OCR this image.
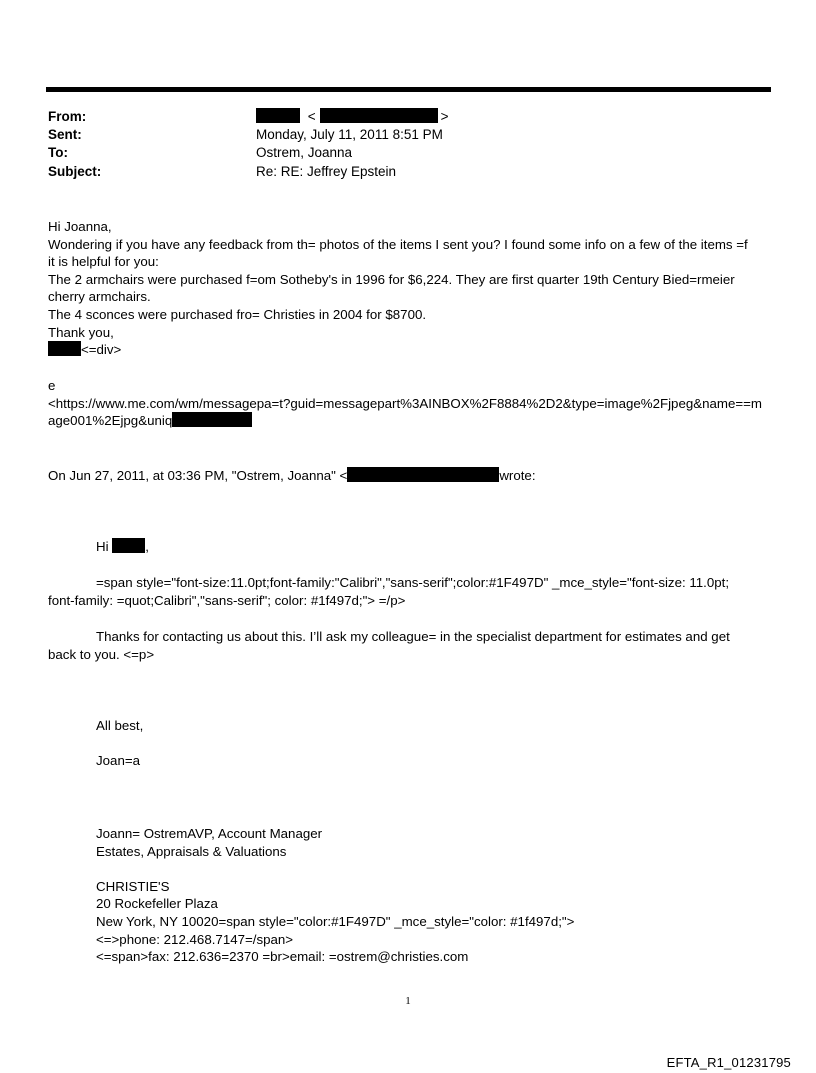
From:	<	>
Sent:	Monday, July 11, 2011 8:51 PM
To:	Ostrem, Joanna
Subject:	Re: RE: Jeffrey Epstein
Hi Joanna,
Wondering if you have any feedback from th= photos of the items I sent you? I found some info on a few of the items =f
it is helpful for you:
The 2 armchairs were purchased f=om Sotheby's in 1996 for $6,224. They are first quarter 19th Century Bied=rmeier
cherry armchairs.
The 4 sconces were purchased fro= Christies in 2004 for $8700.
Thank you,
<=div>
e
<https://www.me.com/wm/messagepa=t?guid=messagepart%3AINBOX%2F8884%2D2&type=image%2Fjpeg&name==m
age001%2Ejpg&uniq
On Jun 27, 2011, at 03:36 PM, "Ostrem, Joanna" <	wrote:
Hi	,
=span style="font-size:11.0pt;font-family:"Calibri","sans-serif";color:#1F497D" _mce_style="font-size: 11.0pt;
font-family: =quot;Calibri","sans-serif"; color: #1f497d;"> =/p>
Thanks for contacting us about this. I’ll ask my colleague= in the specialist department for estimates and get
back to you. <=p>
All best,
Joan=a
Joann= OstremAVP, Account Manager
Estates, Appraisals & Valuations

CHRISTIE'S
20 Rockefeller Plaza
New York, NY 10020=span style="color:#1F497D" _mce_style="color: #1f497d;">
<=>phone: 212.468.7147=/span>
<=span>fax: 212.636=2370 =br>email: =ostrem@christies.com
1
EFTA_R1_01231795
